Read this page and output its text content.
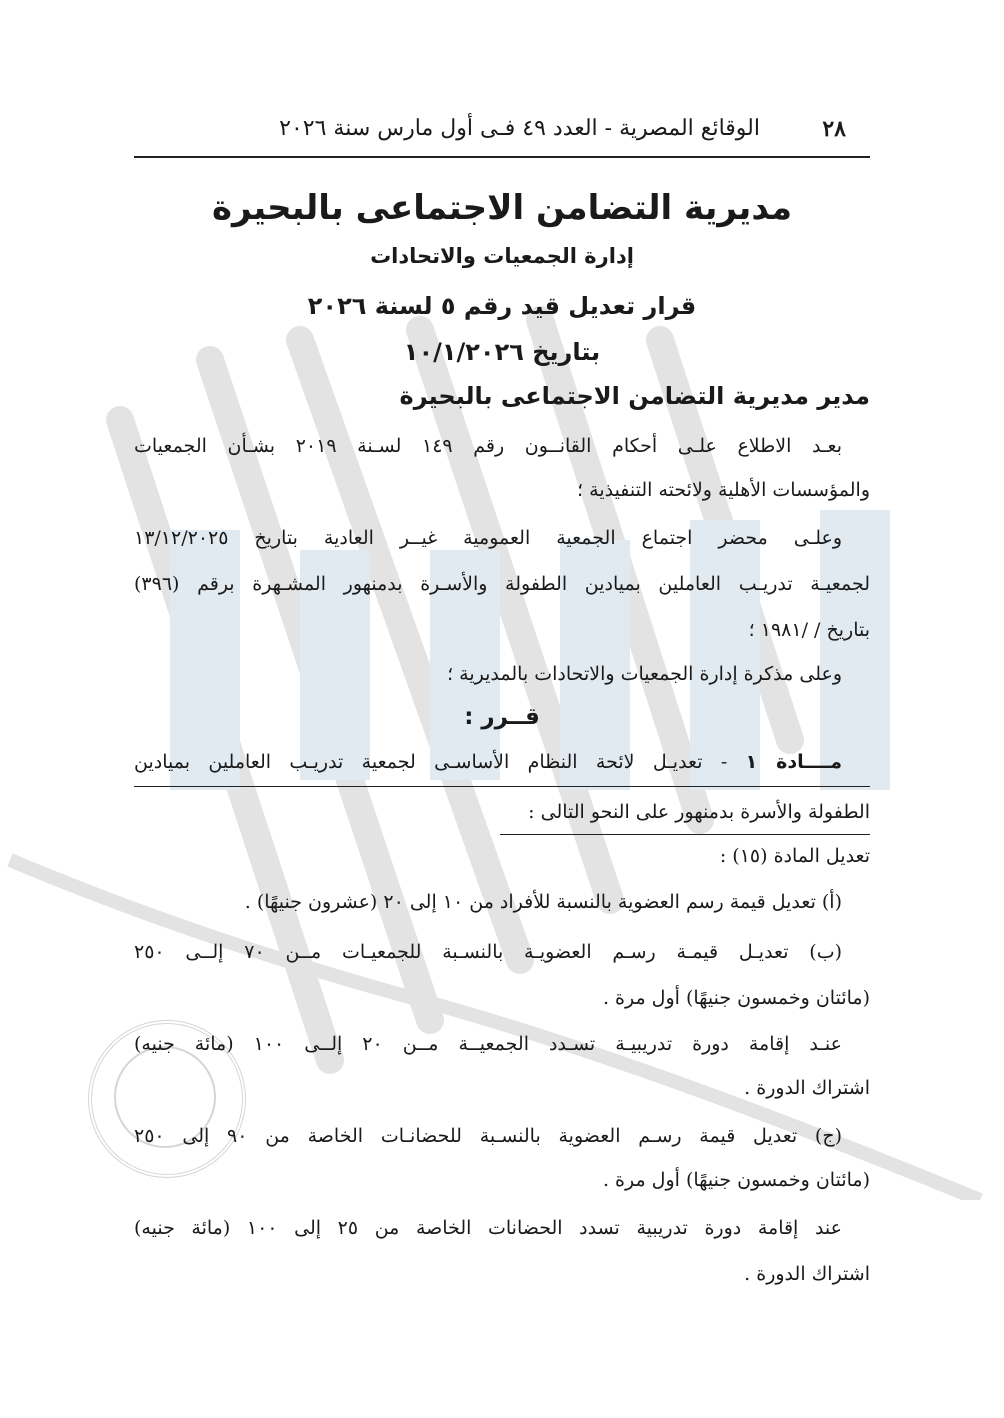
٢٨
الوقائع المصرية - العدد ٤٩ فـى أول مارس سنة ٢٠٢٦
مديرية التضامن الاجتماعى بالبحيرة
إدارة الجمعيات والاتحادات
قرار تعديل قيد رقم ٥ لسنة ٢٠٢٦
بتاريخ ١٠/١/٢٠٢٦
مدير مديرية التضامن الاجتماعى بالبحيرة
بعـد الاطلاع علـى أحكام القانــون رقم ١٤٩ لسـنة ٢٠١٩ بشـأن الجمعيات
والمؤسسات الأهلية ولائحته التنفيذية ؛
وعلـى محضر اجتماع الجمعية العمومية غيــر العادية بتاريخ ١٣/١٢/٢٠٢٥
لجمعيـة تدريـب العاملين بميادين الطفولة والأسـرة بدمنهور المشـهرة برقم (٣٩٦)
بتاريخ / /١٩٨١ ؛
وعلى مذكرة إدارة الجمعيات والاتحادات بالمديرية ؛
قــرر :
مــــادة ١ - تعديـل لائحة النظام الأساسـى لجمعية تدريـب العاملين بميادين
الطفولة والأسرة بدمنهور على النحو التالى :
تعديل المادة (١٥) :
(أ) تعديل قيمة رسم العضوية بالنسبة للأفراد من ١٠ إلى ٢٠ (عشرون جنيهًا) .
(ب) تعديـل قيمـة رسـم العضويـة بالنسـبة للجمعيـات مــن ٧٠ إلــى ٢٥٠
(مائتان وخمسون جنيهًا) أول مرة .
عنـد إقامة دورة تدريبيـة تسـدد الجمعيــة مــن ٢٠ إلــى ١٠٠ (مائة جنيه)
اشتراك الدورة .
(ج) تعديل قيمة رسـم العضوية بالنسـبة للحضانـات الخاصة من ٩٠ إلى ٢٥٠
(مائتان وخمسون جنيهًا) أول مرة .
عند إقامة دورة تدريبية تسدد الحضانات الخاصة من ٢٥ إلى ١٠٠ (مائة جنيه)
اشتراك الدورة .
